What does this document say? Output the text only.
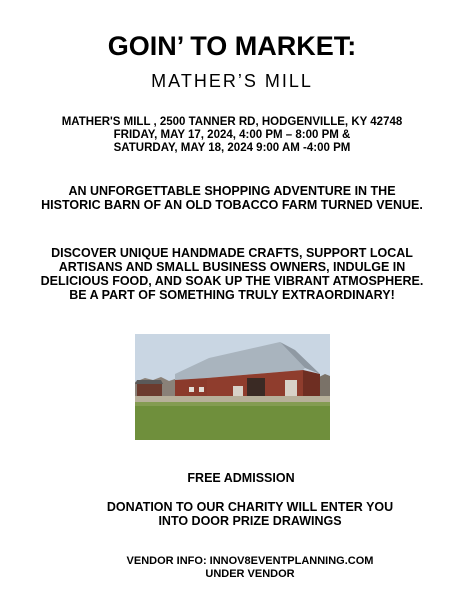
GOIN’ TO MARKET:
MATHER’S MILL
MATHER'S MILL , 2500 TANNER RD, HODGENVILLE, KY 42748
FRIDAY, MAY 17, 2024, 4:00 PM – 8:00 PM &
SATURDAY, MAY 18, 2024 9:00 AM -4:00 PM
AN UNFORGETTABLE SHOPPING ADVENTURE IN THE HISTORIC BARN OF AN OLD TOBACCO FARM TURNED VENUE.
DISCOVER UNIQUE HANDMADE CRAFTS, SUPPORT LOCAL ARTISANS AND SMALL BUSINESS OWNERS, INDULGE IN DELICIOUS FOOD, AND SOAK UP THE VIBRANT ATMOSPHERE. BE A PART OF SOMETHING TRULY EXTRAORDINARY!
FREE ADMISSION
DONATION TO OUR CHARITY WILL ENTER YOU
INTO DOOR PRIZE DRAWINGS
VENDOR INFO: INNOV8EVENTPLANNING.COM
UNDER VENDOR
